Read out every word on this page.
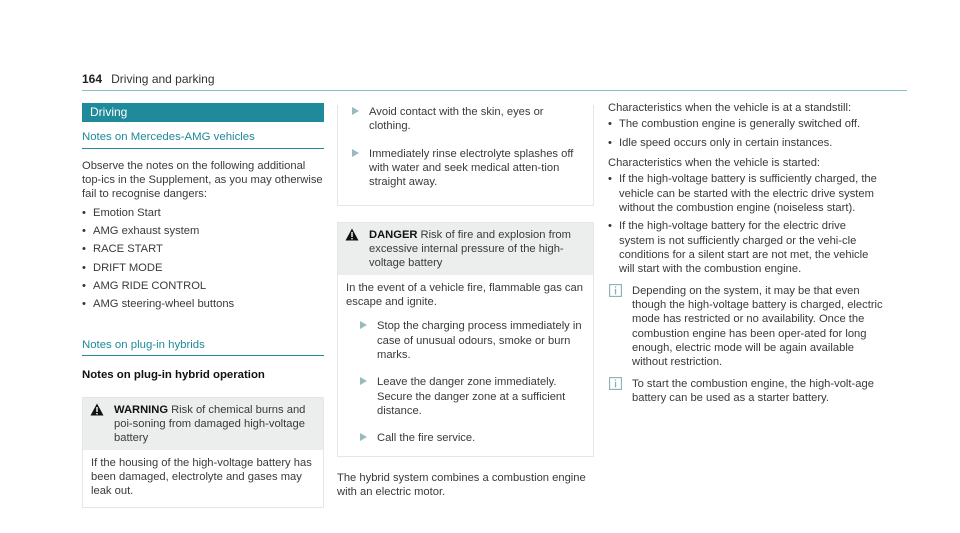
164 Driving and parking
Driving
Notes on Mercedes-AMG vehicles

Observe the notes on the following additional top-ics in the Supplement, as you may otherwise fail to recognise dangers:

• Emotion Start
• AMG exhaust system
• RACE START
• DRIFT MODE
• AMG RIDE CONTROL
• AMG steering-wheel buttons
Notes on plug-in hybrids
Notes on plug-in hybrid operation
WARNING Risk of chemical burns and poi-soning from damaged high-voltage battery

If the housing of the high-voltage battery has been damaged, electrolyte and gases may leak out.

Avoid contact with the skin, eyes or clothing.
Immediately rinse electrolyte splashes off with water and seek medical atten-tion straight away.
DANGER Risk of fire and explosion from excessive internal pressure of the high-voltage battery

In the event of a vehicle fire, flammable gas can escape and ignite.

Stop the charging process immediately in case of unusual odours, smoke or burn marks.
Leave the danger zone immediately. Secure the danger zone at a sufficient distance.
Call the fire service.

The hybrid system combines a combustion engine with an electric motor.

Characteristics when the vehicle is at a standstill:
• The combustion engine is generally switched off.
• Idle speed occurs only in certain instances.
Characteristics when the vehicle is started:
• If the high-voltage battery is sufficiently charged, the vehicle can be started with the electric drive system without the combustion engine (noiseless start).
• If the high-voltage battery for the electric drive system is not sufficiently charged or the vehi-cle conditions for a silent start are not met, the vehicle will start with the combustion engine.
Depending on the system, it may be that even though the high-voltage battery is charged, electric mode has restricted or no availability. Once the combustion engine has been oper-ated for long enough, electric mode will be again available without restriction.
To start the combustion engine, the high-volt-age battery can be used as a starter battery.
